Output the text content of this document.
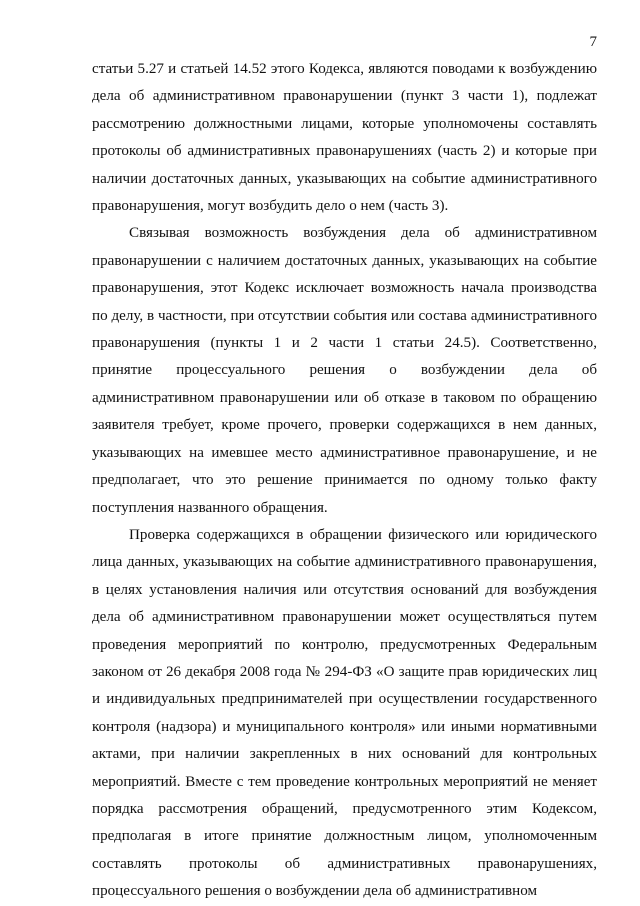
7

статьи 5.27 и статьей 14.52 этого Кодекса, являются поводами к возбуждению дела об административном правонарушении (пункт 3 части 1), подлежат рассмотрению должностными лицами, которые уполномочены составлять протоколы об административных правонарушениях (часть 2) и которые при наличии достаточных данных, указывающих на событие административного правонарушения, могут возбудить дело о нем (часть 3).

Связывая возможность возбуждения дела об административном правонарушении с наличием достаточных данных, указывающих на событие правонарушения, этот Кодекс исключает возможность начала производства по делу, в частности, при отсутствии события или состава административного правонарушения (пункты 1 и 2 части 1 статьи 24.5). Соответственно, принятие процессуального решения о возбуждении дела об административном правонарушении или об отказе в таковом по обращению заявителя требует, кроме прочего, проверки содержащихся в нем данных, указывающих на имевшее место административное правонарушение, и не предполагает, что это решение принимается по одному только факту поступления названного обращения.

Проверка содержащихся в обращении физического или юридического лица данных, указывающих на событие административного правонарушения, в целях установления наличия или отсутствия оснований для возбуждения дела об административном правонарушении может осуществляться путем проведения мероприятий по контролю, предусмотренных Федеральным законом от 26 декабря 2008 года № 294-ФЗ «О защите прав юридических лиц и индивидуальных предпринимателей при осуществлении государственного контроля (надзора) и муниципального контроля» или иными нормативными актами, при наличии закрепленных в них оснований для контрольных мероприятий. Вместе с тем проведение контрольных мероприятий не меняет порядка рассмотрения обращений, предусмотренного этим Кодексом, предполагая в итоге принятие должностным лицом, уполномоченным составлять протоколы об административных правонарушениях, процессуального решения о возбуждении дела об административном
